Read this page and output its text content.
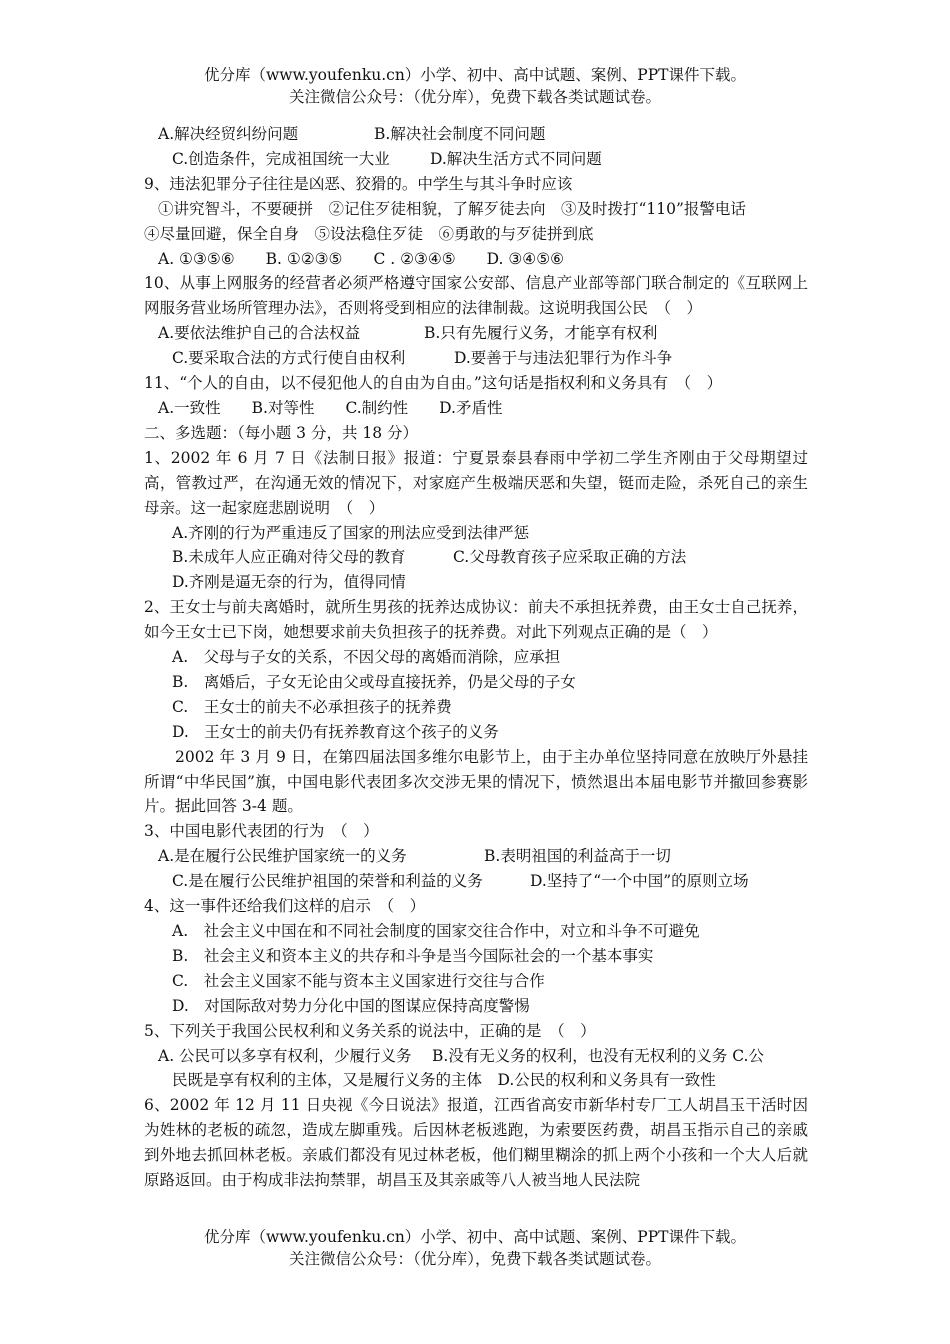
优分库（www.youfenku.cn）小学、初中、高中试题、案例、PPT课件下载。
关注微信公众号：（优分库），免费下载各类试题试卷。
A.解决经贸纠纷问题	B.解决社会制度不同问题
C.创造条件，完成祖国统一大业	D.解决生活方式不同问题
9、违法犯罪分子往往是凶恶、狡猾的。中学生与其斗争时应该
①讲究智斗，不要硬拼　②记住歹徒相貌，了解歹徒去向　③及时拨打“110”报警电话
④尽量回避，保全自身　⑤设法稳住歹徒　⑥勇敢的与歹徒拼到底
A. ①③⑤⑥　　B. ①②③⑤　　C . ②③④⑤　　D. ③④⑤⑥
10、从事上网服务的经营者必须严格遵守国家公安部、信息产业部等部门联合制定的《互联网上网服务营业场所管理办法》，否则将受到相应的法律制裁。这说明我国公民　（　）
A.要依法维护自己的合法权益	B.只有先履行义务，才能享有权利
C.要采取合法的方式行使自由权利	D.要善于与违法犯罪行为作斗争
11、“个人的自由，以不侵犯他人的自由为自由。”这句话是指权利和义务具有　（　）
A.一致性　　B.对等性　　C.制约性　　D.矛盾性
二、多选题：（每小题 3 分，共 18 分）
1、2002 年 6 月 7 日《法制日报》报道：宁夏景泰县春雨中学初二学生齐刚由于父母期望过高，管教过严，在沟通无效的情况下，对家庭产生极端厌恶和失望，铤而走险，杀死自己的亲生母亲。这一起家庭悲剧说明　（　）
A.齐刚的行为严重违反了国家的刑法应受到法律严惩
B.未成年人应正确对待父母的教育	C.父母教育孩子应采取正确的方法
D.齐刚是逼无奈的行为，值得同情
2、王女士与前夫离婚时，就所生男孩的抚养达成协议：前夫不承担抚养费，由王女士自己抚养，如今王女士已下岗，她想要求前夫负担孩子的抚养费。对此下列观点正确的是（　）
A.　父母与子女的关系，不因父母的离婚而消除，应承担
B.　离婚后，子女无论由父或母直接抚养，仍是父母的子女
C.　王女士的前夫不必承担孩子的抚养费
D.　王女士的前夫仍有抚养教育这个孩子的义务
2002 年 3 月 9 日，在第四届法国多维尔电影节上，由于主办单位坚持同意在放映厅外悬挂所谓“中华民国”旗，中国电影代表团多次交涉无果的情况下，愤然退出本届电影节并撤回参赛影片。据此回答 3-4 题。
3、中国电影代表团的行为　（　）
A.是在履行公民维护国家统一的义务	B.表明祖国的利益高于一切
C.是在履行公民维护祖国的荣誉和利益的义务	D.坚持了“一个中国”的原则立场
4、这一事件还给我们这样的启示　（　）
A.　社会主义中国在和不同社会制度的国家交往合作中，对立和斗争不可避免
B.　社会主义和资本主义的共存和斗争是当今国际社会的一个基本事实
C.　社会主义国家不能与资本主义国家进行交往与合作
D.　对国际敌对势力分化中国的图谋应保持高度警惕
5、下列关于我国公民权利和义务关系的说法中，正确的是　（　）
A. 公民可以多享有权利，少履行义务　 B.没有无义务的权利，也没有无权利的义务 C.公
民既是享有权利的主体，又是履行义务的主体　D.公民的权利和义务具有一致性
6、2002 年 12 月 11 日央视《今日说法》报道，江西省高安市新华村专厂工人胡昌玉干活时因为姓林的老板的疏忽，造成左脚重残。后因林老板逃跑，为索要医药费，胡昌玉指示自己的亲戚到外地去抓回林老板。亲戚们都没有见过林老板，他们糊里糊涂的抓上两个小孩和一个大人后就原路返回。由于构成非法拘禁罪，胡昌玉及其亲戚等八人被当地人民法院
优分库（www.youfenku.cn）小学、初中、高中试题、案例、PPT课件下载。
关注微信公众号：（优分库），免费下载各类试题试卷。
